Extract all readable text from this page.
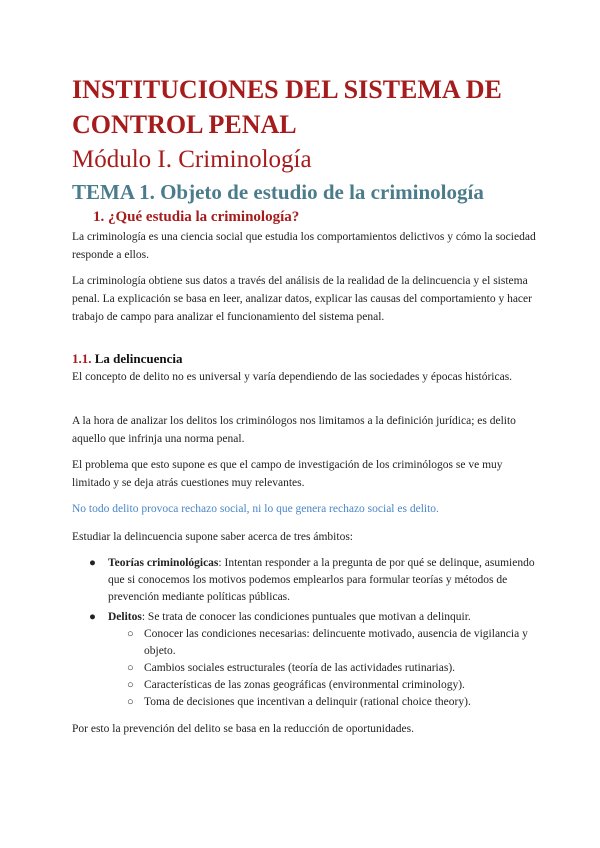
INSTITUCIONES DEL SISTEMA DE CONTROL PENAL
Módulo I. Criminología
TEMA 1. Objeto de estudio de la criminología
1. ¿Qué estudia la criminología?

La criminología es una ciencia social que estudia los comportamientos delictivos y cómo la sociedad responde a ellos.

La criminología obtiene sus datos a través del análisis de la realidad de la delincuencia y el sistema penal. La explicación se basa en leer, analizar datos, explicar las causas del comportamiento y hacer trabajo de campo para analizar el funcionamiento del sistema penal.

1.1. La delincuencia

El concepto de delito no es universal y varía dependiendo de las sociedades y épocas históricas.

A la hora de analizar los delitos los criminólogos nos limitamos a la definición jurídica; es delito aquello que infrinja una norma penal.

El problema que esto supone es que el campo de investigación de los criminólogos se ve muy limitado y se deja atrás cuestiones muy relevantes.

No todo delito provoca rechazo social, ni lo que genera rechazo social es delito.

Estudiar la delincuencia supone saber acerca de tres ámbitos:

● Teorías criminológicas: Intentan responder a la pregunta de por qué se delinque, asumiendo que si conocemos los motivos podemos emplearlos para formular teorías y métodos de prevención mediante políticas públicas.
● Delitos: Se trata de conocer las condiciones puntuales que motivan a delinquir.
○ Conocer las condiciones necesarias: delincuente motivado, ausencia de vigilancia y objeto.
○ Cambios sociales estructurales (teoría de las actividades rutinarias).
○ Características de las zonas geográficas (environmental criminology).
○ Toma de decisiones que incentivan a delinquir (rational choice theory).

Por esto la prevención del delito se basa en la reducción de oportunidades.
